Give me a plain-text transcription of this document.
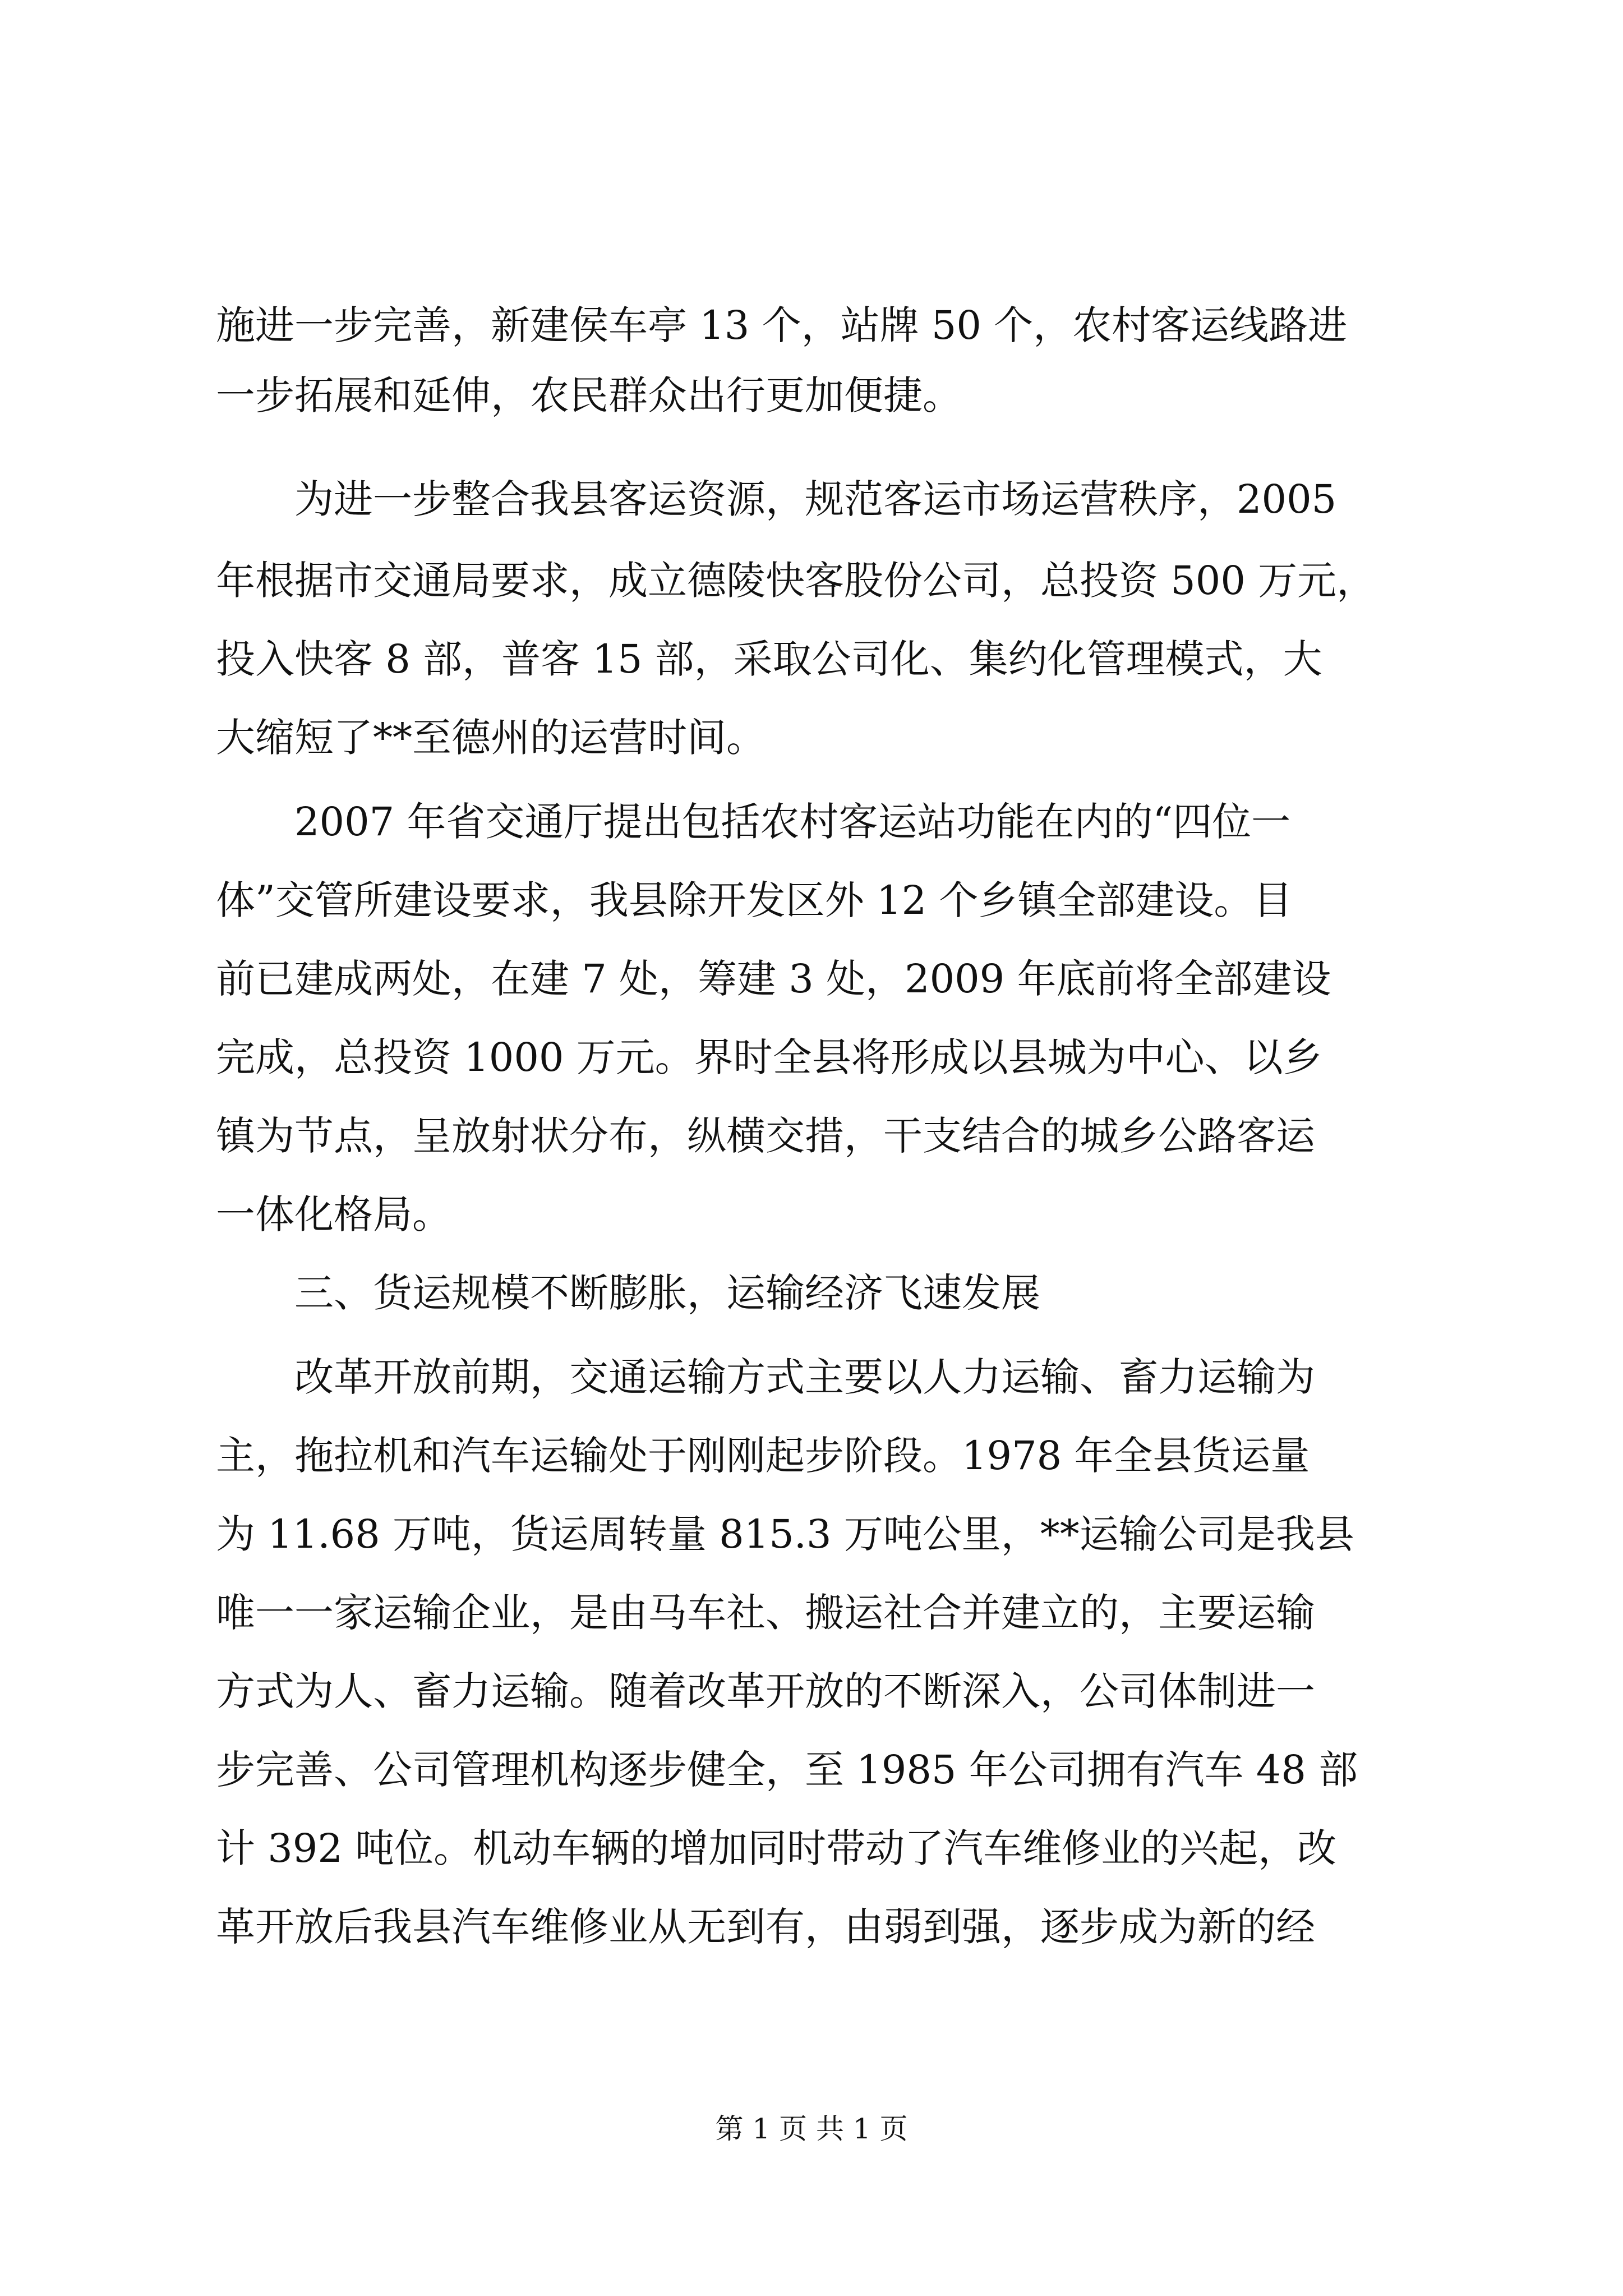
施进一步完善，新建侯车亭 13 个，站牌 50 个，农村客运线路进
一步拓展和延伸，农民群众出行更加便捷。
为进一步整合我县客运资源，规范客运市场运营秩序，2005
年根据市交通局要求，成立德陵快客股份公司，总投资 500 万元，
投入快客 8 部，普客 15 部，采取公司化、集约化管理模式，大
大缩短了**至德州的运营时间。
2007 年省交通厅提出包括农村客运站功能在内的“四位一
体”交管所建设要求，我县除开发区外 12 个乡镇全部建设。目
前已建成两处，在建 7 处，筹建 3 处，2009 年底前将全部建设
完成，总投资 1000 万元。界时全县将形成以县城为中心、以乡
镇为节点，呈放射状分布，纵横交措，干支结合的城乡公路客运
一体化格局。
三、货运规模不断膨胀，运输经济飞速发展
改革开放前期，交通运输方式主要以人力运输、畜力运输为
主，拖拉机和汽车运输处于刚刚起步阶段。1978 年全县货运量
为 11.68 万吨，货运周转量 815.3 万吨公里，**运输公司是我县
唯一一家运输企业，是由马车社、搬运社合并建立的，主要运输
方式为人、畜力运输。随着改革开放的不断深入，公司体制进一
步完善、公司管理机构逐步健全，至 1985 年公司拥有汽车 48 部
计 392 吨位。机动车辆的增加同时带动了汽车维修业的兴起，改
革开放后我县汽车维修业从无到有，由弱到强，逐步成为新的经
第 1 页 共 1 页
